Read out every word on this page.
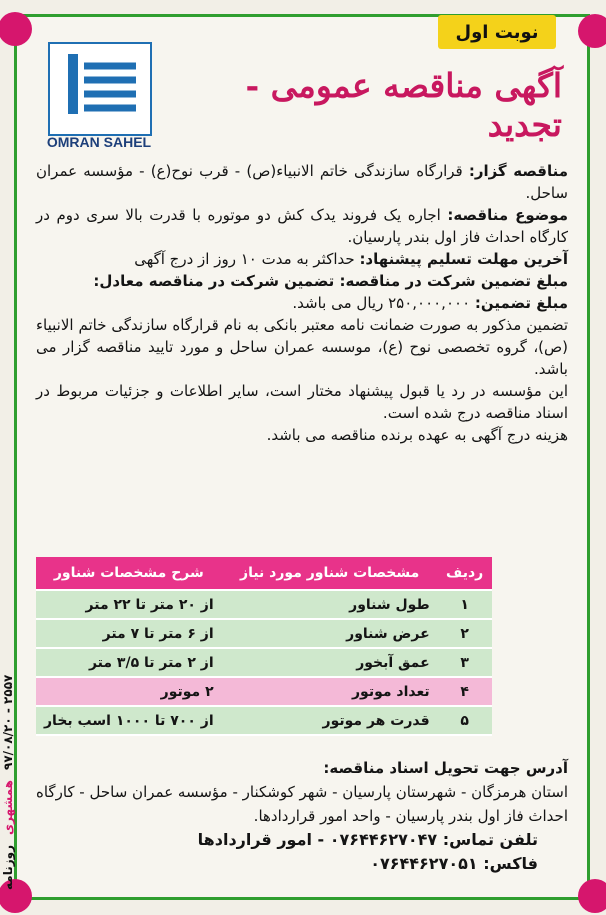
نوبت اول
آگهی مناقصه عمومی - تجدید
OMRAN SAHEL

مناقصه گزار: قرارگاه سازندگی خاتم الانبیاء(ص) - قرب نوح(ع) - مؤسسه عمران ساحل.

موضوع مناقصه: اجاره یک فروند یدک کش دو موتوره با قدرت بالا سری دوم در کارگاه احداث فاز اول بندر پارسیان.

آخرین مهلت تسلیم پیشنهاد: حداکثر به مدت ۱۰ روز از درج آگهی

مبلغ تضمین شرکت در مناقصه: تضمین شرکت در مناقصه معادل:

مبلغ تضمین: ۲۵۰,۰۰۰,۰۰۰ ریال می باشد.

تضمین مذکور به صورت ضمانت نامه معتبر بانکی به نام قرارگاه سازندگی خاتم الانبیاء (ص)، گروه تخصصی نوح (ع)، موسسه عمران ساحل و مورد تایید مناقصه گزار می باشد.

این مؤسسه در رد یا قبول پیشنهاد مختار است، سایر اطلاعات و جزئیات مربوط در اسناد مناقصه درج شده است.

هزینه درج آگهی به عهده برنده مناقصه می باشد.

ردیف	مشخصات شناور مورد نیاز	شرح مشخصات شناور
۱	طول شناور	از ۲۰ متر تا ۲۲ متر
۲	عرض شناور	از ۶ متر تا ۷ متر
۳	عمق آبخور	از ۲ متر تا ۳/۵ متر
۴	تعداد موتور	۲ موتور
۵	قدرت هر موتور	از ۷۰۰ تا ۱۰۰۰ اسب بخار

آدرس جهت تحویل اسناد مناقصه:

استان هرمزگان - شهرستان پارسیان - شهر کوشکنار - مؤسسه عمران ساحل - کارگاه احداث فاز اول بندر پارسیان - واحد امور قراردادها.

تلفن تماس: ۰۷۶۴۴۶۲۷۰۴۷ - امور قراردادها

فاکس: ۰۷۶۴۴۶۲۷۰۵۱

روزنامه
همشهری
۹۷/۰۸/۲۰ - ۲۵۵۷
